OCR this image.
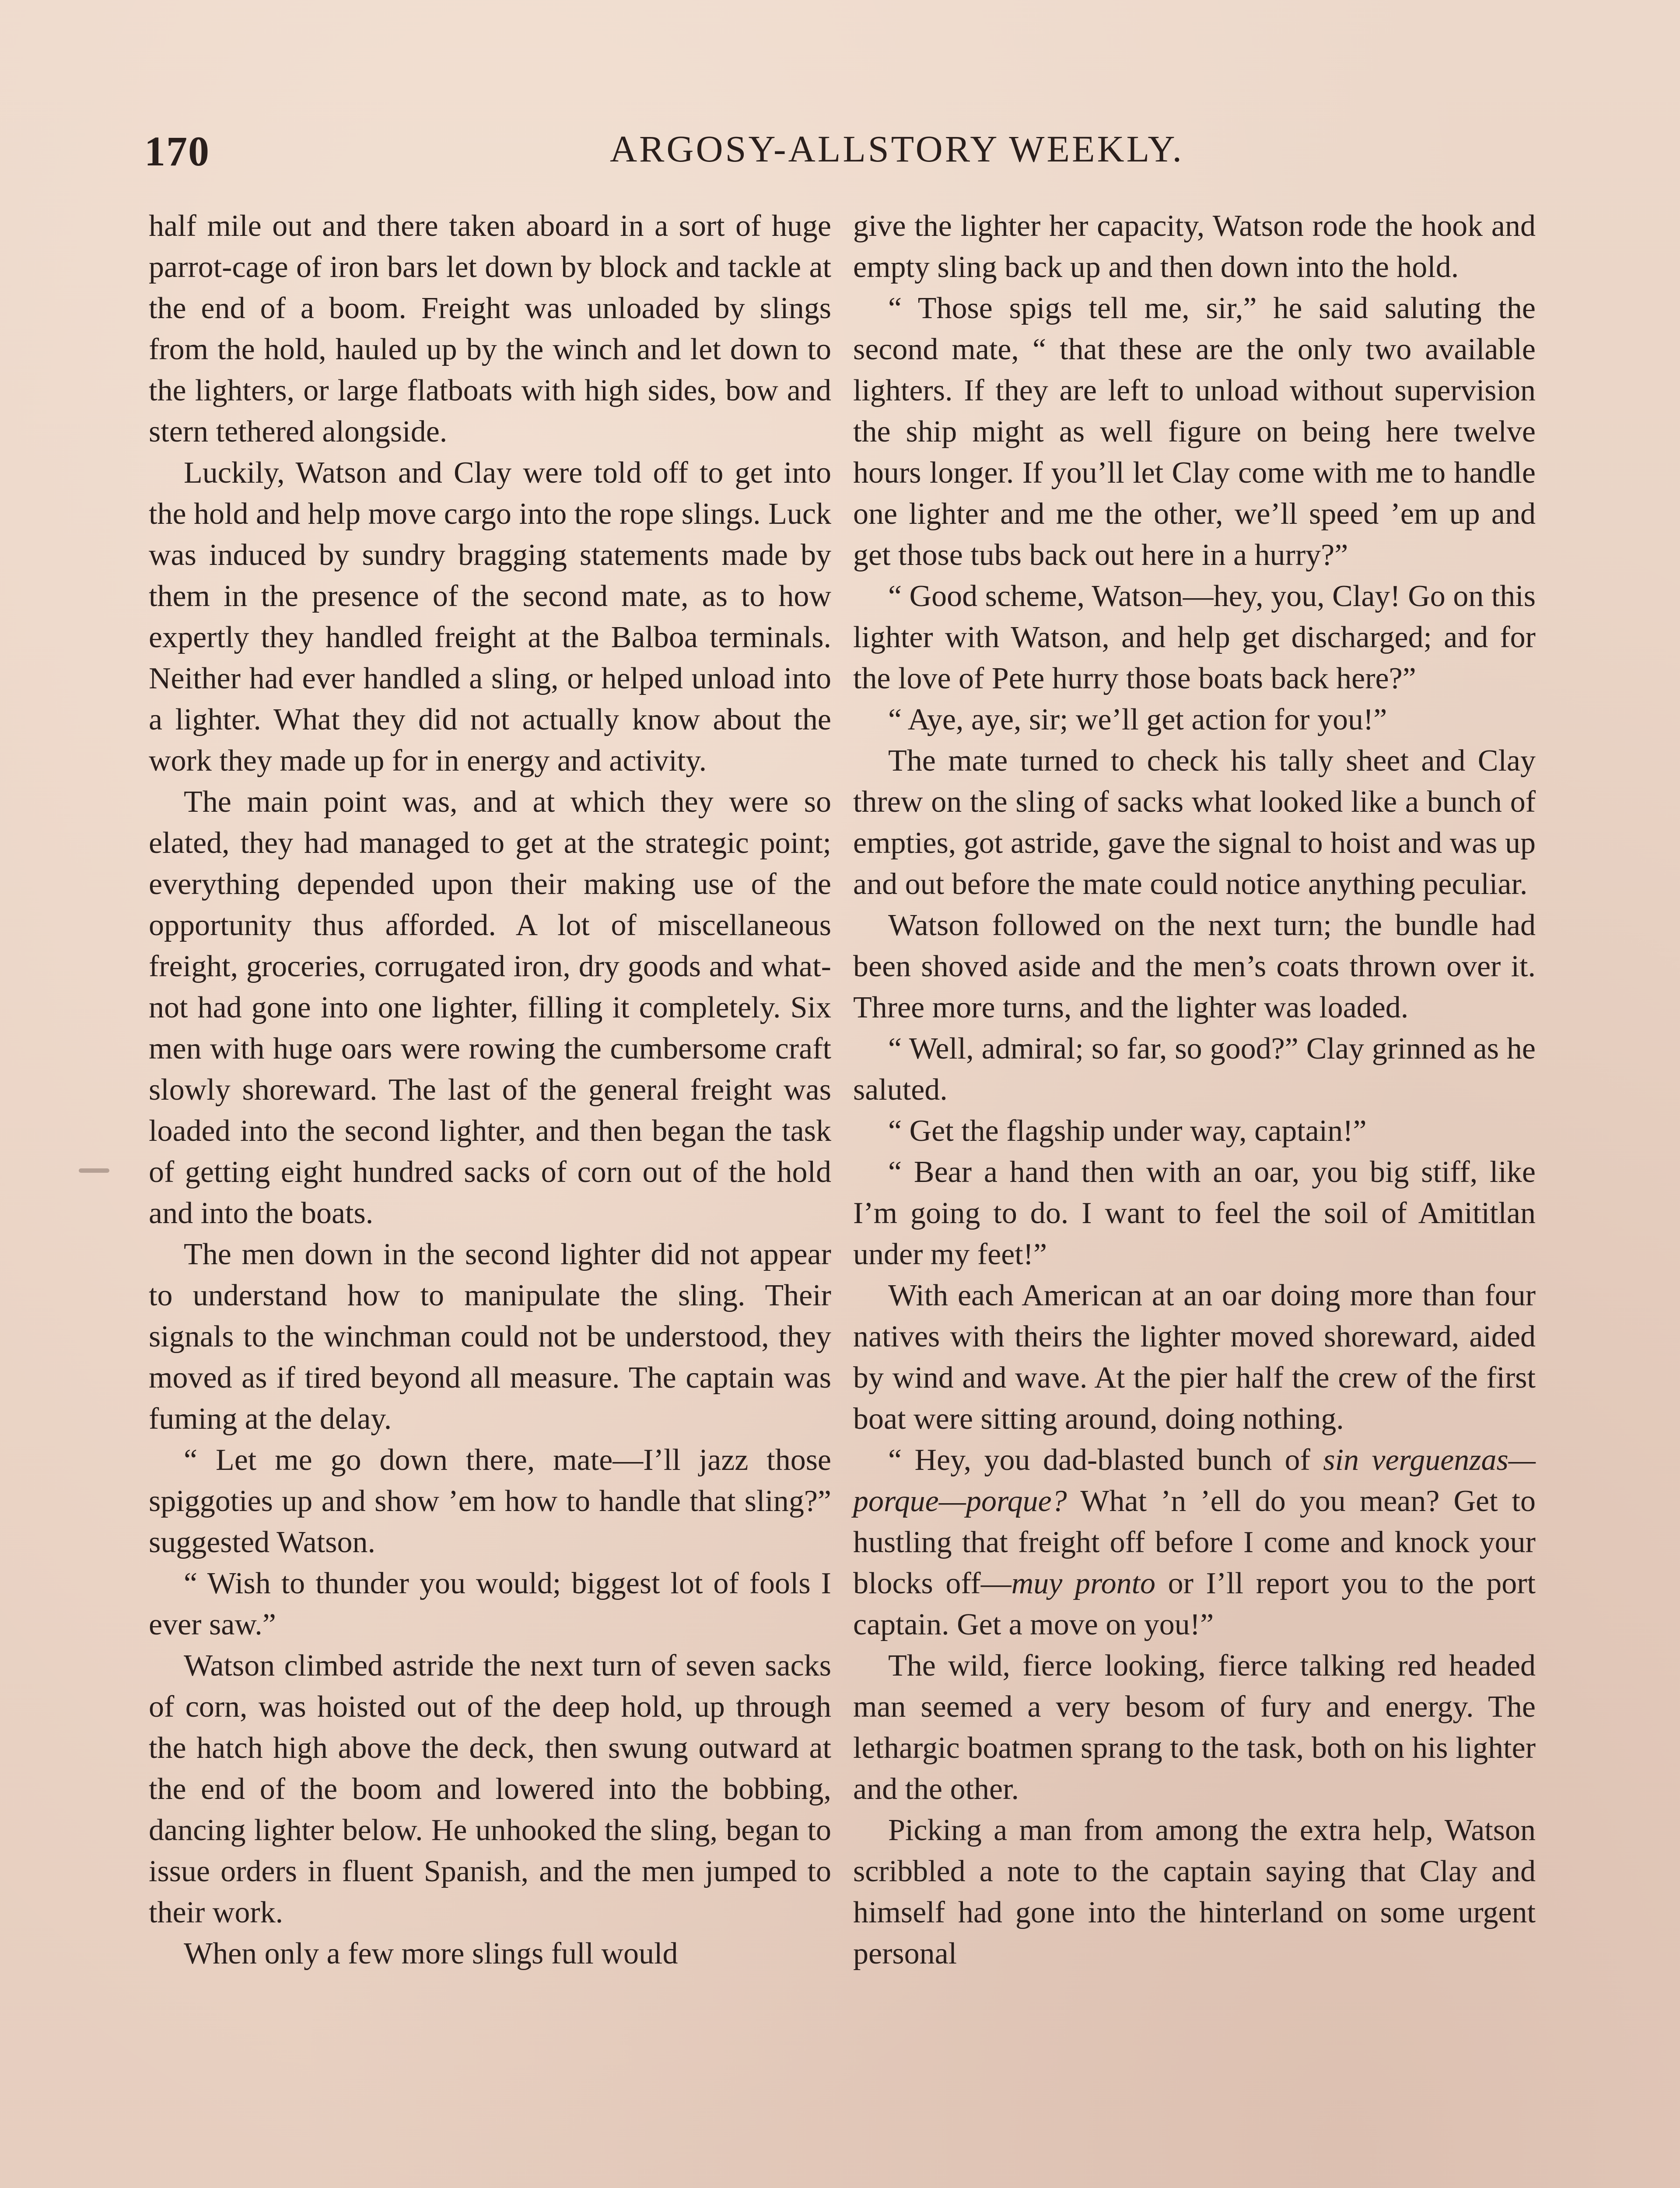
170	ARGOSY-ALLSTORY WEEKLY.

half mile out and there taken aboard in a sort of huge parrot-cage of iron bars let down by block and tackle at the end of a boom. Freight was unloaded by slings from the hold, hauled up by the winch and let down to the lighters, or large flatboats with high sides, bow and stern tethered alongside.

Luckily, Watson and Clay were told off to get into the hold and help move cargo into the rope slings. Luck was induced by sundry bragging statements made by them in the presence of the second mate, as to how expertly they handled freight at the Balboa terminals. Neither had ever handled a sling, or helped unload into a lighter. What they did not actually know about the work they made up for in energy and activity.

The main point was, and at which they were so elated, they had managed to get at the strategic point; everything depended upon their making use of the opportunity thus afforded. A lot of miscellaneous freight, groceries, corrugated iron, dry goods and what-not had gone into one lighter, filling it completely. Six men with huge oars were rowing the cumbersome craft slowly shoreward. The last of the general freight was loaded into the second lighter, and then began the task of getting eight hundred sacks of corn out of the hold and into the boats.

The men down in the second lighter did not appear to understand how to manipulate the sling. Their signals to the winchman could not be understood, they moved as if tired beyond all measure. The captain was fuming at the delay.

“ Let me go down there, mate—I’ll jazz those spiggoties up and show ’em how to handle that sling?” suggested Watson.

“ Wish to thunder you would; biggest lot of fools I ever saw.”

Watson climbed astride the next turn of seven sacks of corn, was hoisted out of the deep hold, up through the hatch high above the deck, then swung outward at the end of the boom and lowered into the bobbing, dancing lighter below. He unhooked the sling, began to issue orders in fluent Spanish, and the men jumped to their work.

When only a few more slings full would

give the lighter her capacity, Watson rode the hook and empty sling back up and then down into the hold.

“ Those spigs tell me, sir,” he said saluting the second mate, “ that these are the only two available lighters. If they are left to unload without supervision the ship might as well figure on being here twelve hours longer. If you’ll let Clay come with me to handle one lighter and me the other, we’ll speed ’em up and get those tubs back out here in a hurry?”

“ Good scheme, Watson—hey, you, Clay! Go on this lighter with Watson, and help get discharged; and for the love of Pete hurry those boats back here?”

“ Aye, aye, sir; we’ll get action for you!”

The mate turned to check his tally sheet and Clay threw on the sling of sacks what looked like a bunch of empties, got astride, gave the signal to hoist and was up and out before the mate could notice anything peculiar.

Watson followed on the next turn; the bundle had been shoved aside and the men’s coats thrown over it. Three more turns, and the lighter was loaded.

“ Well, admiral; so far, so good?” Clay grinned as he saluted.

“ Get the flagship under way, captain!”

“ Bear a hand then with an oar, you big stiff, like I’m going to do. I want to feel the soil of Amititlan under my feet!”

With each American at an oar doing more than four natives with theirs the lighter moved shoreward, aided by wind and wave. At the pier half the crew of the first boat were sitting around, doing nothing.

“ Hey, you dad-blasted bunch of sin verguenzas—porque—porque? What ’n ’ell do you mean? Get to hustling that freight off before I come and knock your blocks off—muy pronto or I’ll report you to the port captain. Get a move on you!”

The wild, fierce looking, fierce talking red headed man seemed a very besom of fury and energy. The lethargic boatmen sprang to the task, both on his lighter and the other.

Picking a man from among the extra help, Watson scribbled a note to the captain saying that Clay and himself had gone into the hinterland on some urgent personal
